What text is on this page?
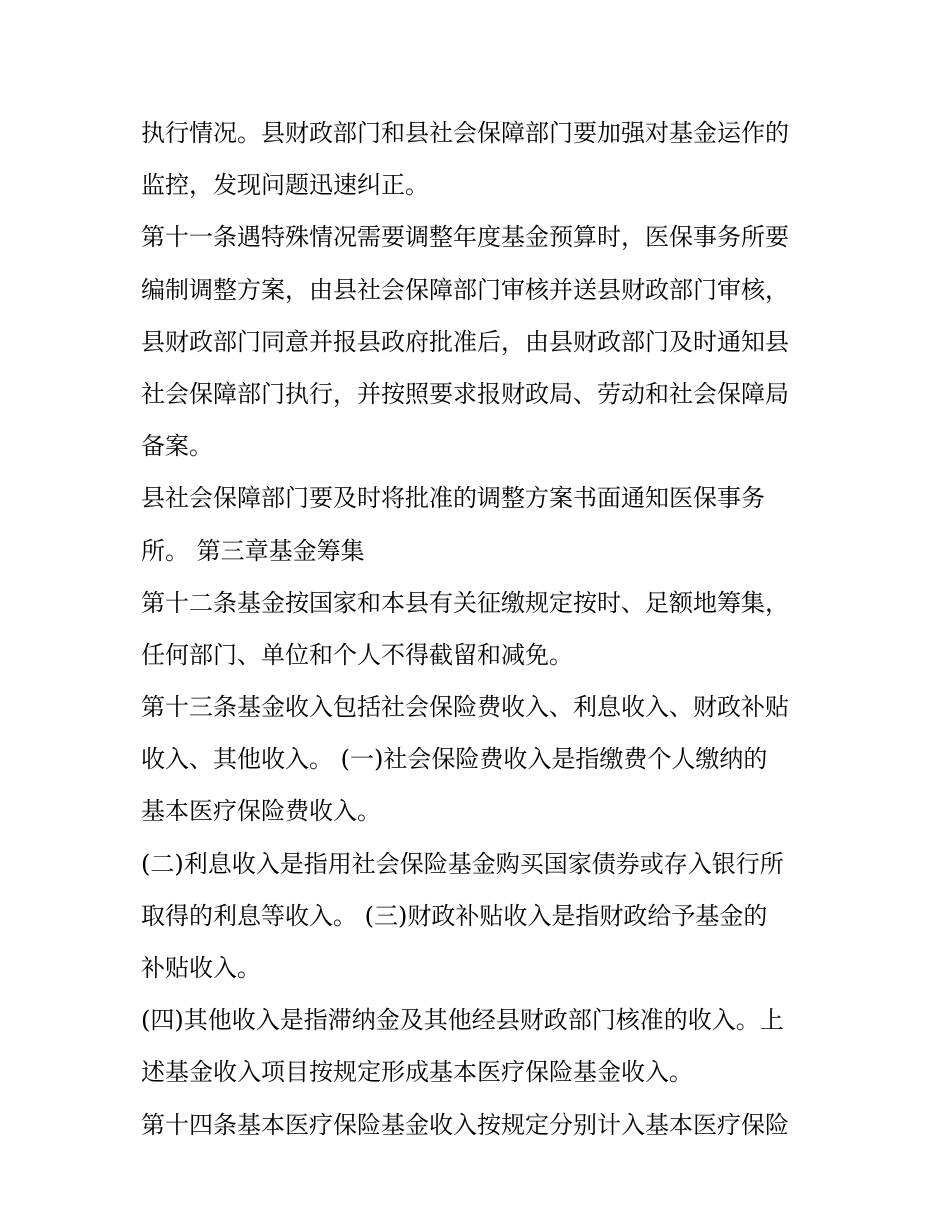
执行情况。县财政部门和县社会保障部门要加强对基金运作的
监控，发现问题迅速纠正。
第十一条遇特殊情况需要调整年度基金预算时，医保事务所要
编制调整方案，由县社会保障部门审核并送县财政部门审核，
县财政部门同意并报县政府批准后，由县财政部门及时通知县
社会保障部门执行，并按照要求报财政局、劳动和社会保障局
备案。
县社会保障部门要及时将批准的调整方案书面通知医保事务
所。 第三章基金筹集
第十二条基金按国家和本县有关征缴规定按时、足额地筹集，
任何部门、单位和个人不得截留和减免。
第十三条基金收入包括社会保险费收入、利息收入、财政补贴
收入、其他收入。 (一)社会保险费收入是指缴费个人缴纳的
基本医疗保险费收入。
(二)利息收入是指用社会保险基金购买国家债券或存入银行所
取得的利息等收入。 (三)财政补贴收入是指财政给予基金的
补贴收入。
(四)其他收入是指滞纳金及其他经县财政部门核准的收入。上
述基金收入项目按规定形成基本医疗保险基金收入。
第十四条基本医疗保险基金收入按规定分别计入基本医疗保险
